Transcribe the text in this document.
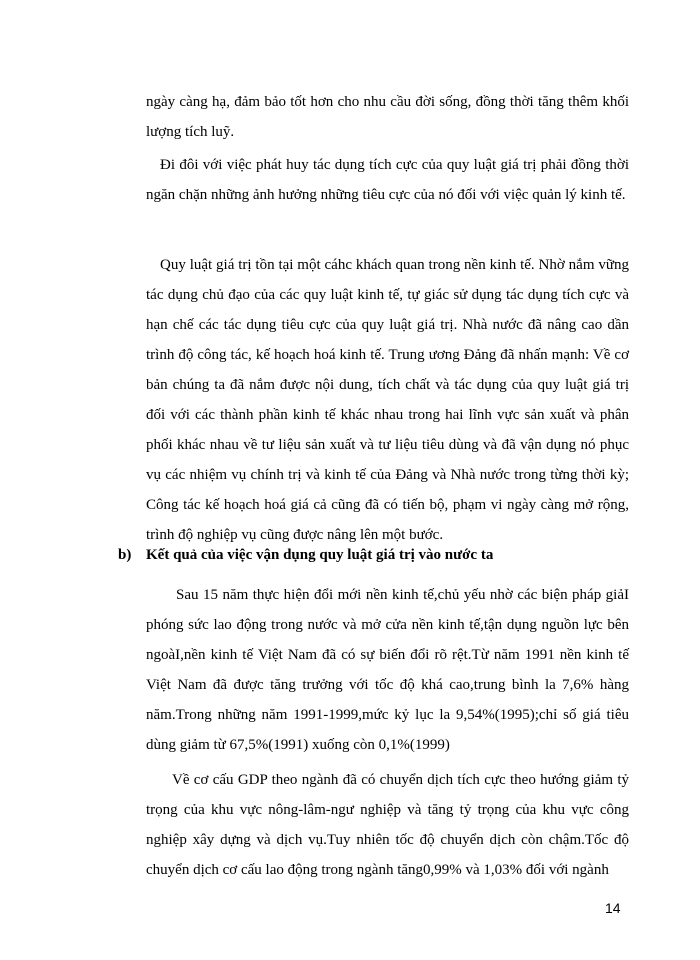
ngày càng hạ, đảm bảo tốt hơn cho nhu cầu đời sống, đồng thời tăng thêm khối lượng tích luỹ.
Đi đôi với việc phát huy tác dụng tích cực của quy luật giá trị phải đồng thời ngăn chặn những ảnh hưởng những tiêu cực của nó đối với việc quản lý kinh tế.
Quy luật giá trị tồn tại một cáhc khách quan trong nền kinh tế. Nhờ nắm vững tác dụng chủ đạo của các quy luật kinh tế, tự giác sử dụng tác dụng tích cực và hạn chế các tác dụng tiêu cực của quy luật giá trị. Nhà nước đã nâng cao dần trình độ công tác, kế hoạch hoá kinh tế. Trung ương Đảng đã nhấn mạnh: Về cơ bản chúng ta đã nắm được nội dung, tích chất và tác dụng của quy luật giá trị đối với các thành phần kinh tế khác nhau trong hai lĩnh vực sản xuất và phân phối khác nhau về tư liệu sản xuất và tư liệu tiêu dùng và đã vận dụng nó phục vụ các nhiệm vụ chính trị và kinh tế của Đảng và Nhà nước trong từng thời kỳ; Công tác kế hoạch hoá giá cả cũng đã có tiến bộ, phạm vi ngày càng mở rộng, trình độ nghiệp vụ cũng được nâng lên một bước.
b) Kết quả của việc vận dụng quy luật giá trị vào nước ta
Sau 15 năm thực hiện đổi mới nền kinh tế,chủ yếu nhờ các biện pháp giảI phóng sức lao động trong nước và mở cửa nền kinh tế,tận dụng nguồn lực bên ngoàI,nền kinh tế Việt Nam đã có sự biến đổi rõ rệt.Từ năm 1991 nền kinh tế Việt Nam đã được tăng trưởng với tốc độ khá cao,trung bình la 7,6% hàng năm.Trong những năm 1991-1999,mức kỷ lục la 9,54%(1995);chỉ số giá tiêu dùng giảm từ 67,5%(1991) xuống còn 0,1%(1999)
Về cơ cấu GDP theo ngành đã có chuyển dịch tích cực theo hướng giảm tỷ trọng của khu vực nông-lâm-ngư nghiệp và tăng tỷ trọng của khu vực công nghiệp xây dựng và dịch vụ.Tuy nhiên tốc độ chuyển dịch còn chậm.Tốc độ chuyển dịch cơ cấu lao động trong ngành tăng0,99% và 1,03% đối với ngành
14
